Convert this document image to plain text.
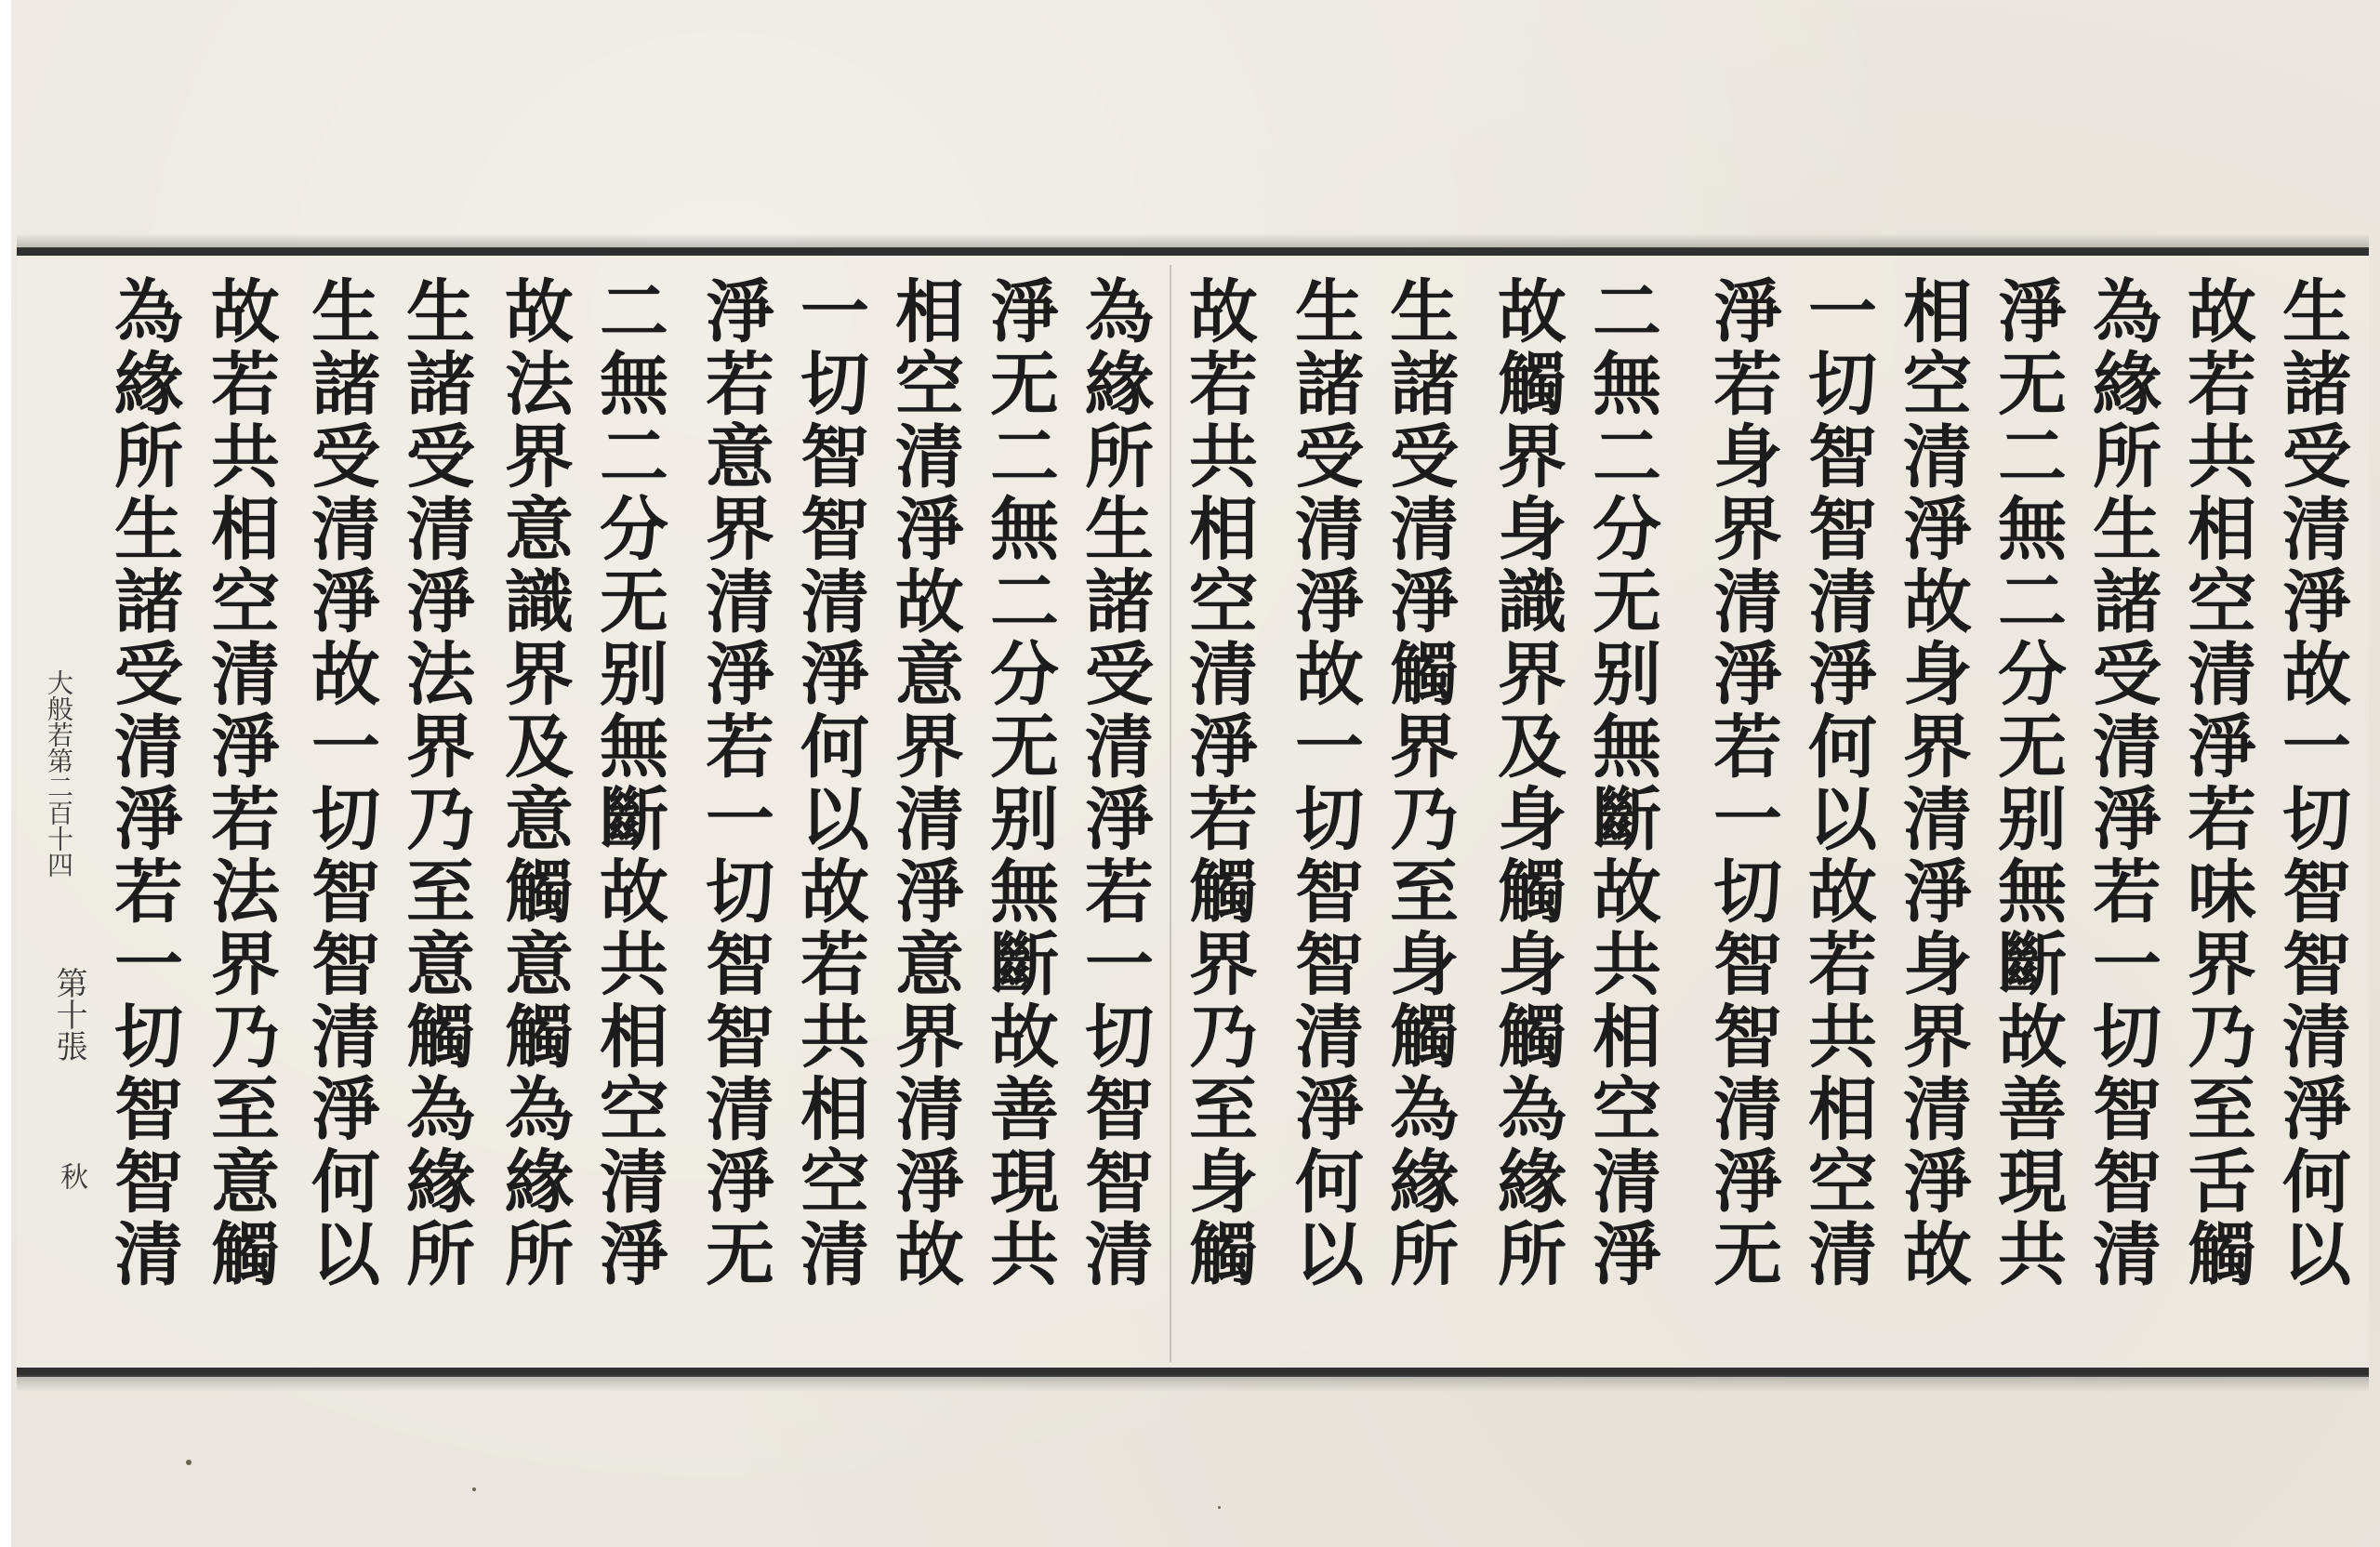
生諸受清淨故一切智智清淨何以
故若共相空清淨若味界乃至舌觸
為緣所生諸受清淨若一切智智清
淨无二無二分无别無斷故善現共
相空清淨故身界清淨身界清淨故
一切智智清淨何以故若共相空清
淨若身界清淨若一切智智清淨无
二無二分无别無斷故共相空清淨
故觸界身識界及身觸身觸為緣所
生諸受清淨觸界乃至身觸為緣所
生諸受清淨故一切智智清淨何以
故若共相空清淨若觸界乃至身觸
為緣所生諸受清淨若一切智智清
淨无二無二分无别無斷故善現共
相空清淨故意界清淨意界清淨故
一切智智清淨何以故若共相空清
淨若意界清淨若一切智智清淨无
二無二分无别無斷故共相空清淨
故法界意識界及意觸意觸為緣所
生諸受清淨法界乃至意觸為緣所
生諸受清淨故一切智智清淨何以
故若共相空清淨若法界乃至意觸
為緣所生諸受清淨若一切智智清
大般若第二百十四
第十張
秋
